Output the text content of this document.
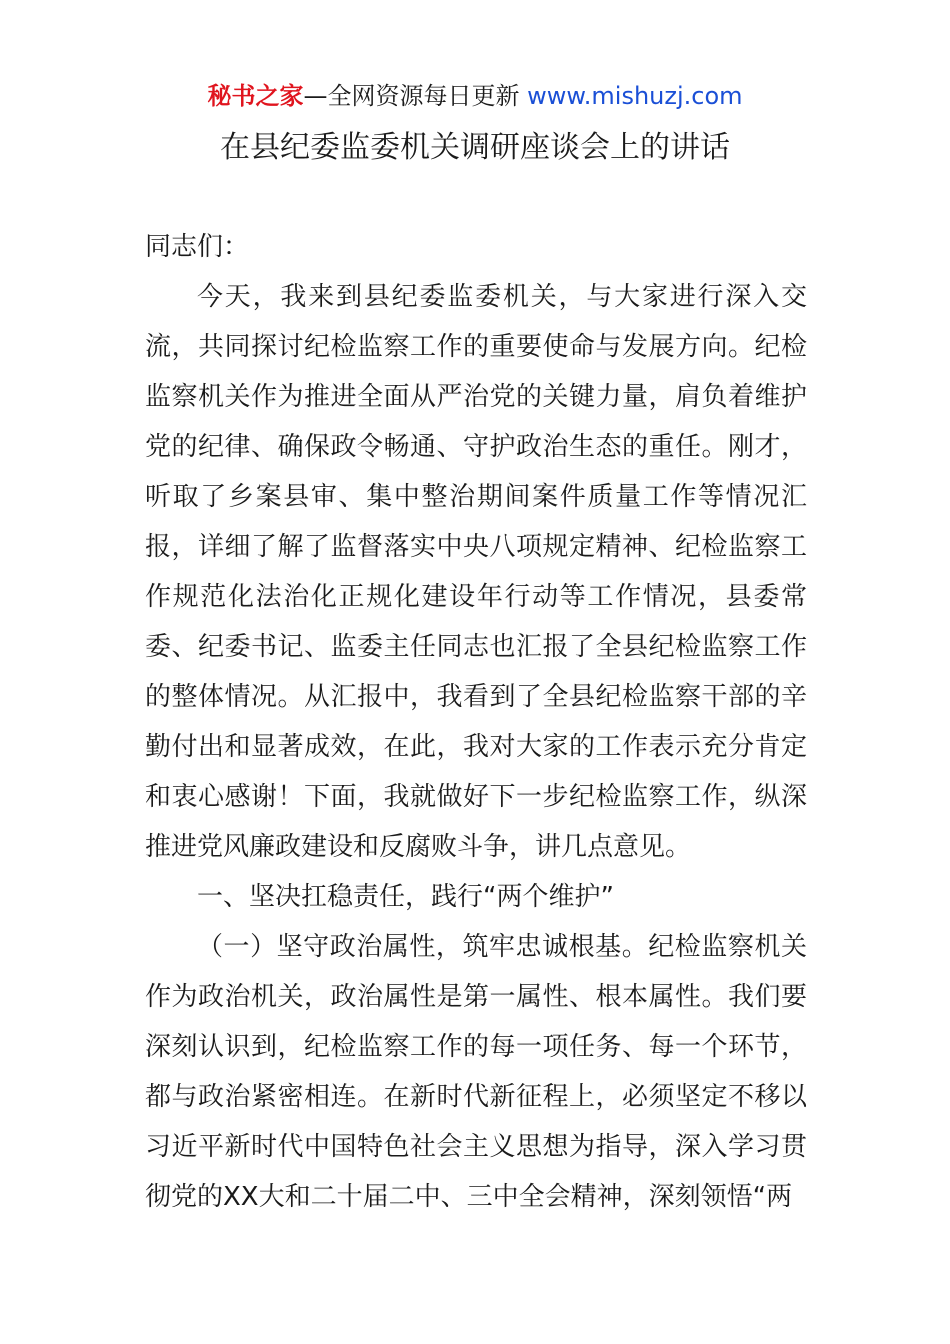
秘书之家—全网资源每日更新 www.mishuzj.com
在县纪委监委机关调研座谈会上的讲话

同志们：

今天，我来到县纪委监委机关，与大家进行深入交流，共同探讨纪检监察工作的重要使命与发展方向。纪检监察机关作为推进全面从严治党的关键力量，肩负着维护党的纪律、确保政令畅通、守护政治生态的重任。刚才，听取了乡案县审、集中整治期间案件质量工作等情况汇报，详细了解了监督落实中央八项规定精神、纪检监察工作规范化法治化正规化建设年行动等工作情况，县委常委、纪委书记、监委主任同志也汇报了全县纪检监察工作的整体情况。从汇报中，我看到了全县纪检监察干部的辛勤付出和显著成效，在此，我对大家的工作表示充分肯定和衷心感谢！下面，我就做好下一步纪检监察工作，纵深推进党风廉政建设和反腐败斗争，讲几点意见。

一、坚决扛稳责任，践行“两个维护”

（一）坚守政治属性，筑牢忠诚根基。纪检监察机关作为政治机关，政治属性是第一属性、根本属性。我们要深刻认识到，纪检监察工作的每一项任务、每一个环节，都与政治紧密相连。在新时代新征程上，必须坚定不移以习近平新时代中国特色社会主义思想为指导，深入学习贯彻党的XX大和二十届二中、三中全会精神，深刻领悟“两
